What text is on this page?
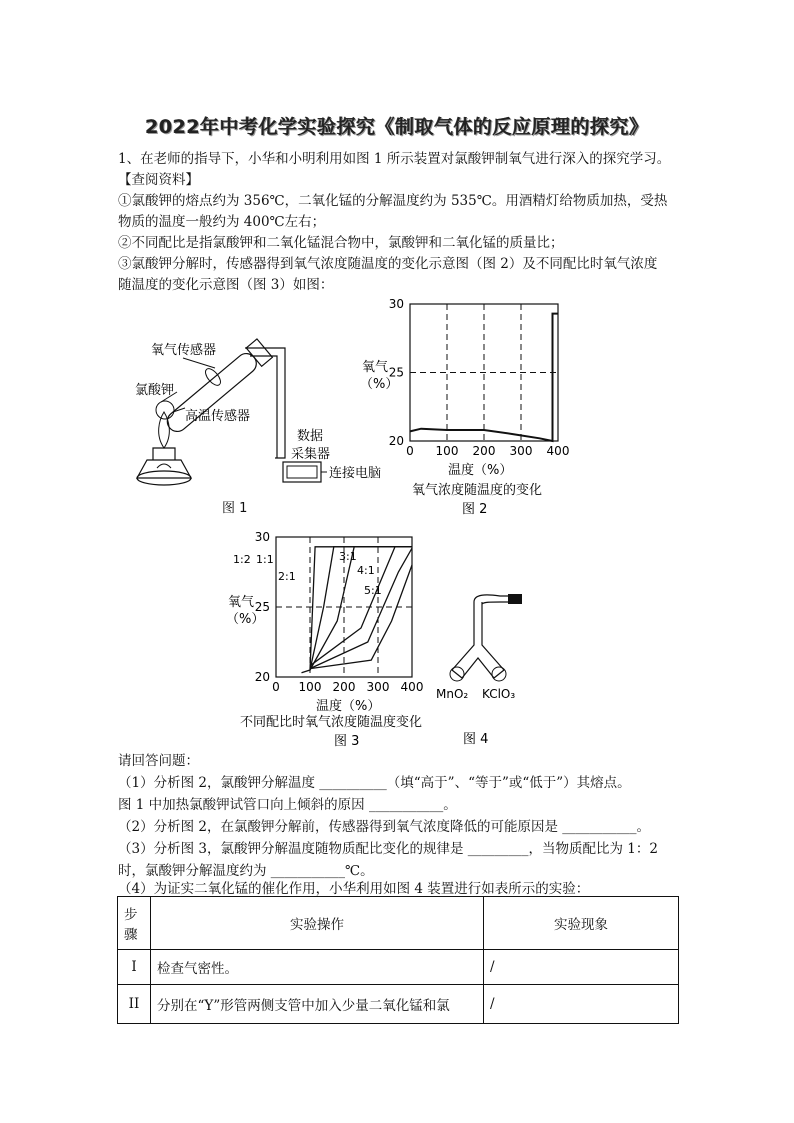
2022年中考化学实验探究《制取气体的反应原理的探究》
1、在老师的指导下，小华和小明利用如图 1 所示装置对氯酸钾制氧气进行深入的探究学习。
【查阅资料】
①氯酸钾的熔点约为 356℃，二氧化锰的分解温度约为 535℃。用酒精灯给物质加热，受热
物质的温度一般约为 400℃左右；
②不同配比是指氯酸钾和二氧化锰混合物中，氯酸钾和二氧化锰的质量比；
③氯酸钾分解时，传感器得到氧气浓度随温度的变化示意图（图 2）及不同配比时氧气浓度
随温度的变化示意图（图 3）如图：
氧气传感器
氯酸钾
高温传感器
数据
采集器
连接电脑
图 1
30
25
20
0 100 200 300 400
氧气
（%）
温度（%）
氧气浓度随温度的变化
图 2
30
25
20
0 100 200 300 400
1:2 1:1
2:1
3:1
4:1
5:1
氧气
（%）
温度（%）
不同配比时氧气浓度随温度变化
图 3
MnO₂ KClO₃
图 4
请回答问题：
（1）分析图 2，氯酸钾分解温度 __________（填“高于”、“等于”或“低于”）其熔点。
图 1 中加热氯酸钾试管口向上倾斜的原因 ___________。
（2）分析图 2，在氯酸钾分解前，传感器得到氧气浓度降低的可能原因是 ___________。
（3）分析图 3，氯酸钾分解温度随物质配比变化的规律是 _________，当物质配比为 1：2
时，氯酸钾分解温度约为 ___________℃。
（4）为证实二氧化锰的催化作用，小华利用如图 4 装置进行如表所示的实验：
步骤	实验操作	实验现象
I	检查气密性。	/
II	分别在“Y”形管两侧支管中加入少量二氧化锰和氯	/
